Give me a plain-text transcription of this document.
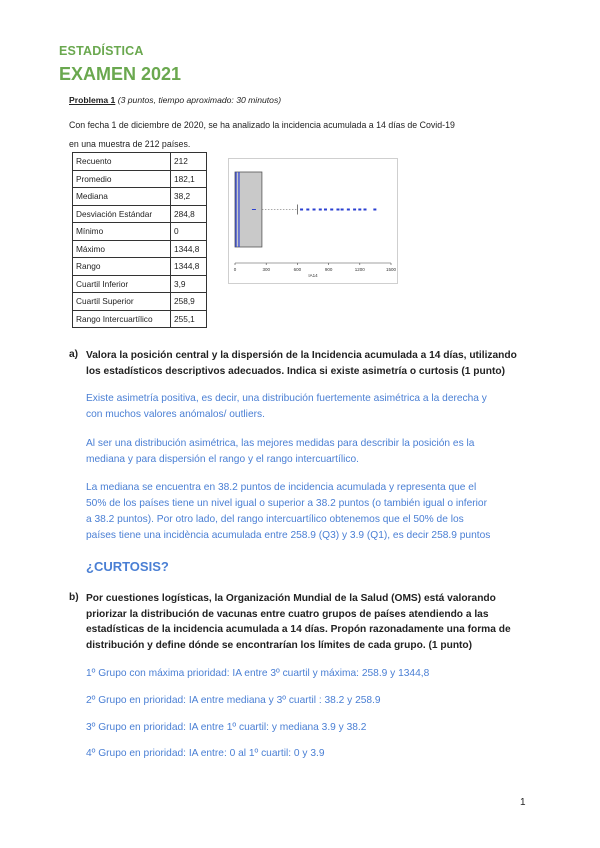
ESTADÍSTICA
EXAMEN 2021
Problema 1 (3 puntos, tiempo aproximado: 30 minutos)
Con fecha 1 de diciembre de 2020, se ha analizado la incidencia acumulada a 14 días de Covid-19
en una muestra de 212 países.
Recuento	212
Promedio	182,1
Mediana	38,2
Desviación Estándar	284,8
Mínimo	0
Máximo	1344,8
Rango	1344,8
Cuartil Inferior	3,9
Cuartil Superior	258,9
Rango Intercuartílico	255,1
0	300	600	900	1200	1500
IA14
a) Valora la posición central y la dispersión de la Incidencia acumulada a 14 días, utilizando
los estadísticos descriptivos adecuados. Indica si existe asimetría o curtosis (1 punto)
Existe asimetría positiva, es decir, una distribución fuertemente asimétrica a la derecha y
con muchos valores anómalos/ outliers.
Al ser una distribución asimétrica, las mejores medidas para describir la posición es la
mediana y para dispersión el rango y el rango intercuartílico.
La mediana se encuentra en 38.2 puntos de incidencia acumulada y representa que el
50% de los países tiene un nivel igual o superior a 38.2 puntos (o también igual o inferior
a 38.2 puntos). Por otro lado, del rango intercuartílico obtenemos que el 50% de los
países tiene una incidència acumulada entre 258.9 (Q3) y 3.9 (Q1), es decir 258.9 puntos
¿CURTOSIS?
b) Por cuestiones logísticas, la Organización Mundial de la Salud (OMS) está valorando
priorizar la distribución de vacunas entre cuatro grupos de países atendiendo a las
estadísticas de la incidencia acumulada a 14 días. Propón razonadamente una forma de
distribución y define dónde se encontrarían los límites de cada grupo. (1 punto)
1º Grupo con máxima prioridad: IA entre 3º cuartil y máxima: 258.9 y 1344,8
2º Grupo en prioridad: IA entre mediana y 3º cuartil : 38.2 y 258.9
3º Grupo en prioridad: IA entre 1º cuartil: y mediana 3.9 y 38.2
4º Grupo en prioridad: IA entre: 0 al 1º cuartil: 0 y 3.9
1
